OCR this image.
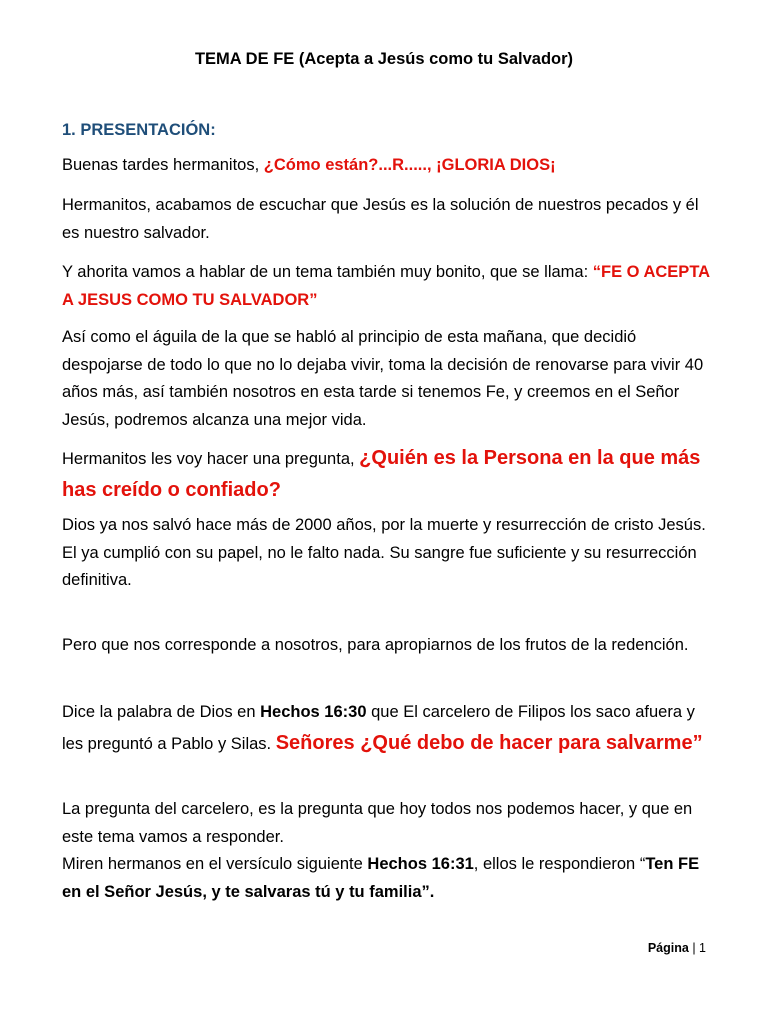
TEMA DE FE (Acepta a Jesús como tu Salvador)
1. PRESENTACIÓN:
Buenas tardes hermanitos, ¿Cómo están?...R....., ¡GLORIA DIOS¡
Hermanitos, acabamos de escuchar que Jesús es la solución de nuestros pecados y él es nuestro salvador.
Y ahorita vamos a hablar de un tema también muy bonito, que se llama: “FE O ACEPTA A JESUS COMO TU SALVADOR”
Así como el águila de la que se habló al principio de esta mañana, que decidió despojarse de todo lo que no lo dejaba vivir, toma la decisión de renovarse para vivir 40 años más, así también nosotros en esta tarde si tenemos Fe, y creemos en el Señor Jesús, podremos alcanza una mejor vida.
Hermanitos les voy hacer una pregunta, ¿Quién es la Persona en la que más has creído o confiado?
Dios ya nos salvó hace más de 2000 años, por la muerte y resurrección de cristo Jesús.
El ya cumplió con su papel, no le falto nada. Su sangre fue suficiente y su resurrección definitiva.
Pero que nos corresponde a nosotros, para apropiarnos de los frutos de la redención.
Dice la palabra de Dios en Hechos 16:30 que El carcelero de Filipos los saco afuera y les preguntó a Pablo y Silas. Señores ¿Qué debo de hacer para salvarme”
La pregunta del carcelero, es la pregunta que hoy todos nos podemos hacer, y que en este tema vamos a responder.
Miren hermanos en el versículo siguiente Hechos 16:31, ellos le respondieron “Ten FE en el Señor Jesús, y te salvaras tú y tu familia”.
Página | 1
